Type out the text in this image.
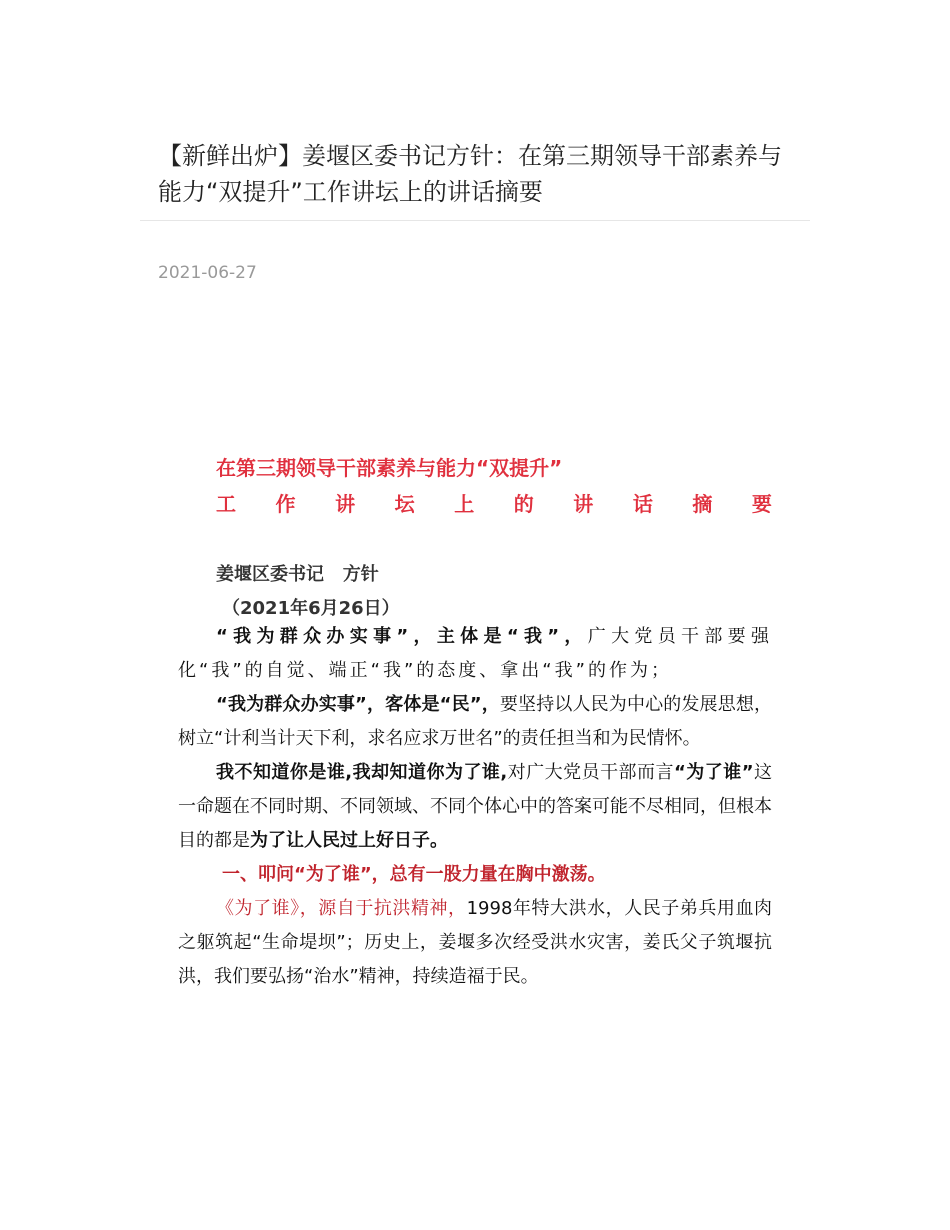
【新鲜出炉】姜堰区委书记方针：在第三期领导干部素养与能力“双提升”工作讲坛上的讲话摘要
2021-06-27
在第三期领导干部素养与能力“双提升”
工 作 讲 坛 上 的 讲 话 摘 要
姜堰区委书记   方针
（2021年6月26日）

“我为群众办实事”，主体是“我”，广大党员干部要强化“我”的自觉、端正“我”的态度、拿出“我”的作为；

“我为群众办实事”，客体是“民”，要坚持以人民为中心的发展思想，树立“计利当计天下利，求名应求万世名”的责任担当和为民情怀。

我不知道你是谁,我却知道你为了谁,对广大党员干部而言“为了谁”这一命题在不同时期、不同领域、不同个体心中的答案可能不尽相同，但根本目的都是为了让人民过上好日子。

一、叩问“为了谁”，总有一股力量在胸中激荡。

《为了谁》，源自于抗洪精神，1998年特大洪水，人民子弟兵用血肉之躯筑起“生命堤坝”；历史上，姜堰多次经受洪水灾害，姜氏父子筑堰抗洪，我们要弘扬“治水”精神，持续造福于民。
